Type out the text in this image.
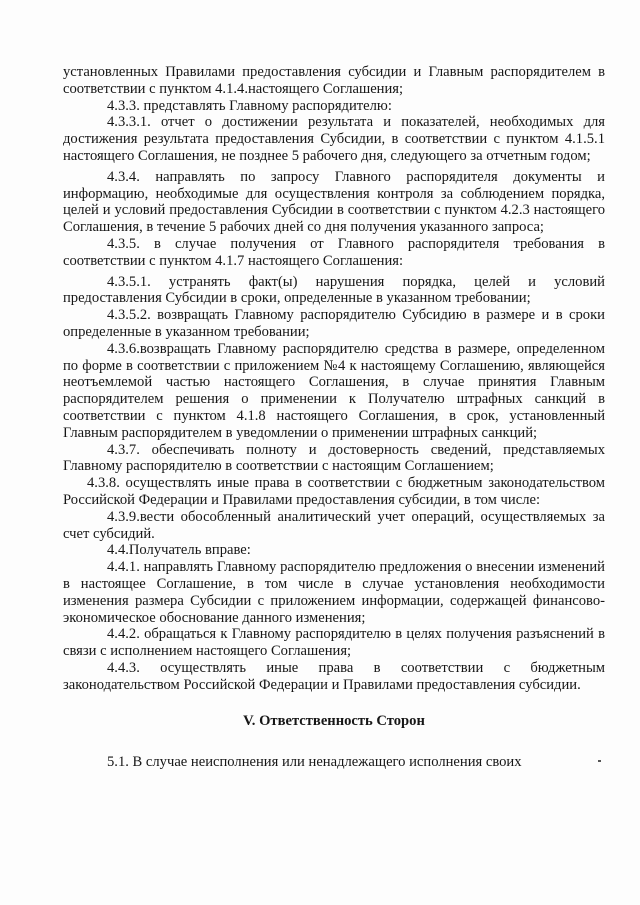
установленных Правилами предоставления субсидии и Главным распорядителем в соответствии с пунктом 4.1.4.настоящего Соглашения;

4.3.3. представлять Главному распорядителю:

4.3.3.1. отчет о достижении результата и показателей, необходимых для достижения результата предоставления Субсидии, в соответствии с пунктом 4.1.5.1 настоящего Соглашения, не позднее 5 рабочего дня, следующего за отчетным годом;

4.3.4. направлять по запросу Главного распорядителя документы и информацию, необходимые для осуществления контроля за соблюдением порядка, целей и условий предоставления Субсидии в соответствии с пунктом 4.2.3 настоящего Соглашения, в течение 5 рабочих дней со дня получения указанного запроса;

4.3.5. в случае получения от Главного распорядителя требования в соответствии с пунктом 4.1.7 настоящего Соглашения:

4.3.5.1. устранять факт(ы) нарушения порядка, целей и условий предоставления Субсидии в сроки, определенные в указанном требовании;

4.3.5.2. возвращать Главному распорядителю Субсидию в размере и в сроки определенные в указанном требовании;

4.3.6.возвращать Главному распорядителю средства в размере, определенном по форме в соответствии с приложением №4 к настоящему Соглашению, являющейся неотъемлемой частью настоящего Соглашения, в случае принятия Главным распорядителем решения о применении к Получателю штрафных санкций в соответствии с пунктом 4.1.8 настоящего Соглашения, в срок, установленный Главным распорядителем в уведомлении о применении штрафных санкций;

4.3.7. обеспечивать полноту и достоверность сведений, представляемых Главному распорядителю в соответствии с настоящим Соглашением;

4.3.8. осуществлять иные права в соответствии с бюджетным законодательством Российской Федерации и Правилами предоставления субсидии, в том числе:

4.3.9.вести обособленный аналитический учет операций, осуществляемых за счет субсидий.

4.4.Получатель вправе:

4.4.1. направлять Главному распорядителю предложения о внесении изменений в настоящее Соглашение, в том числе в случае установления необходимости изменения размера Субсидии с приложением информации, содержащей финансово-экономическое обоснование данного изменения;

4.4.2. обращаться к Главному распорядителю в целях получения разъяснений в связи с исполнением настоящего Соглашения;

4.4.3. осуществлять иные права в соответствии с бюджетным законодательством Российской Федерации и Правилами предоставления субсидии.

V. Ответственность Сторон

5.1. В случае неисполнения или ненадлежащего исполнения своих
